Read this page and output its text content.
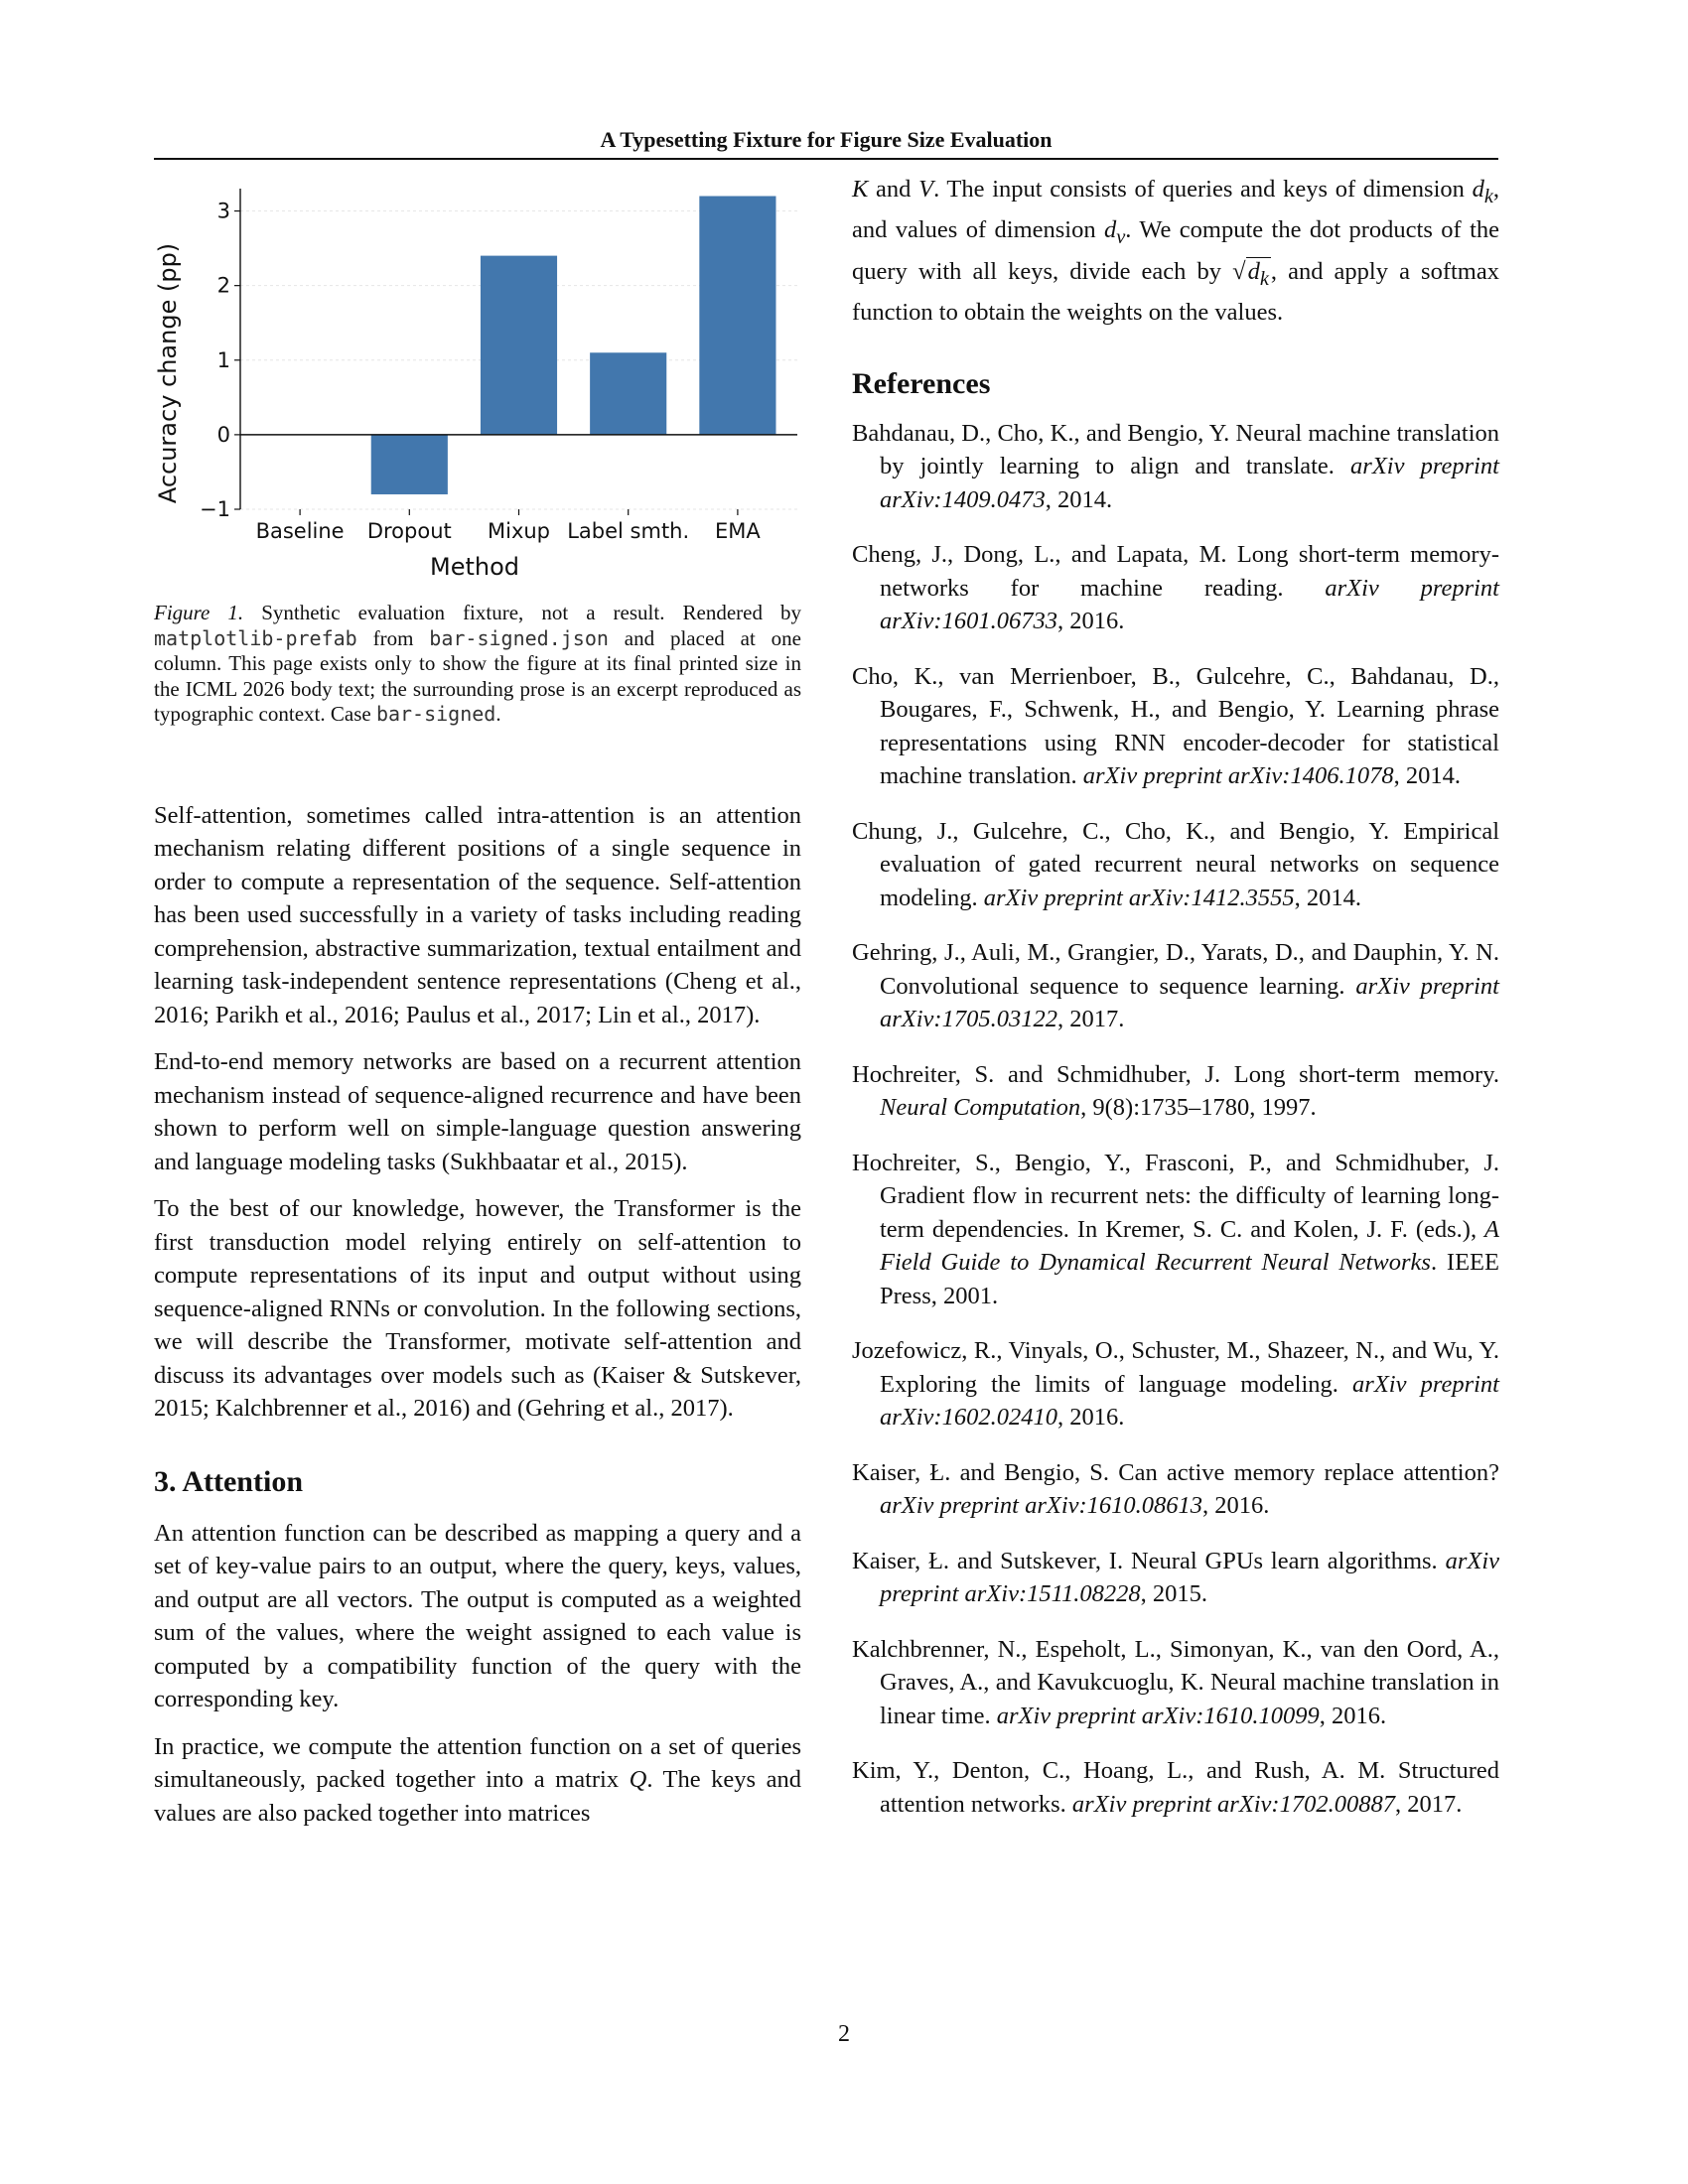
A Typesetting Fixture for Figure Size Evaluation
Baseline Dropout Mixup Label smth. EMA
−1
0
1
2
3
Method
Accuracy change (pp)
Figure 1. Synthetic evaluation fixture, not a result. Rendered by matplotlib-prefab from bar-signed.json and placed at one column. This page exists only to show the figure at its final printed size in the ICML 2026 body text; the surrounding prose is an excerpt reproduced as typographic context. Case bar-signed.

Self-attention, sometimes called intra-attention is an attention mechanism relating different positions of a single sequence in order to compute a representation of the sequence. Self-attention has been used successfully in a variety of tasks including reading comprehension, abstractive summarization, textual entailment and learning task-independent sentence representations (Cheng et al., 2016; Parikh et al., 2016; Paulus et al., 2017; Lin et al., 2017).

End-to-end memory networks are based on a recurrent attention mechanism instead of sequence-aligned recurrence and have been shown to perform well on simple-language question answering and language modeling tasks (Sukhbaatar et al., 2015).

To the best of our knowledge, however, the Transformer is the first transduction model relying entirely on self-attention to compute representations of its input and output without using sequence-aligned RNNs or convolution. In the following sections, we will describe the Transformer, motivate self-attention and discuss its advantages over models such as (Kaiser & Sutskever, 2015; Kalchbrenner et al., 2016) and (Gehring et al., 2017).

3. Attention

An attention function can be described as mapping a query and a set of key-value pairs to an output, where the query, keys, values, and output are all vectors. The output is computed as a weighted sum of the values, where the weight assigned to each value is computed by a compatibility function of the query with the corresponding key.

In practice, we compute the attention function on a set of queries simultaneously, packed together into a matrix Q. The keys and values are also packed together into matrices

K and V. The input consists of queries and keys of dimension $d_k$, and values of dimension $d_v$. We compute the dot products of the query with all keys, divide each by $√d_k$, and apply a softmax function to obtain the weights on the values.

References
Bahdanau, D., Cho, K., and Bengio, Y. Neural machine translation by jointly learning to align and translate. arXiv preprint arXiv:1409.0473, 2014.
Cheng, J., Dong, L., and Lapata, M. Long short-term memory-networks for machine reading. arXiv preprint arXiv:1601.06733, 2016.
Cho, K., van Merrienboer, B., Gulcehre, C., Bahdanau, D., Bougares, F., Schwenk, H., and Bengio, Y. Learning phrase representations using RNN encoder-decoder for statistical machine translation. arXiv preprint arXiv:1406.1078, 2014.
Chung, J., Gulcehre, C., Cho, K., and Bengio, Y. Empirical evaluation of gated recurrent neural networks on sequence modeling. arXiv preprint arXiv:1412.3555, 2014.
Gehring, J., Auli, M., Grangier, D., Yarats, D., and Dauphin, Y. N. Convolutional sequence to sequence learning. arXiv preprint arXiv:1705.03122, 2017.
Hochreiter, S. and Schmidhuber, J. Long short-term memory. Neural Computation, 9(8):1735–1780, 1997.
Hochreiter, S., Bengio, Y., Frasconi, P., and Schmidhuber, J. Gradient flow in recurrent nets: the difficulty of learning long-term dependencies. In Kremer, S. C. and Kolen, J. F. (eds.), A Field Guide to Dynamical Recurrent Neural Networks. IEEE Press, 2001.
Jozefowicz, R., Vinyals, O., Schuster, M., Shazeer, N., and Wu, Y. Exploring the limits of language modeling. arXiv preprint arXiv:1602.02410, 2016.
Kaiser, Ł. and Bengio, S. Can active memory replace attention? arXiv preprint arXiv:1610.08613, 2016.
Kaiser, Ł. and Sutskever, I. Neural GPUs learn algorithms. arXiv preprint arXiv:1511.08228, 2015.
Kalchbrenner, N., Espeholt, L., Simonyan, K., van den Oord, A., Graves, A., and Kavukcuoglu, K. Neural machine translation in linear time. arXiv preprint arXiv:1610.10099, 2016.
Kim, Y., Denton, C., Hoang, L., and Rush, A. M. Structured attention networks. arXiv preprint arXiv:1702.00887, 2017.
2
